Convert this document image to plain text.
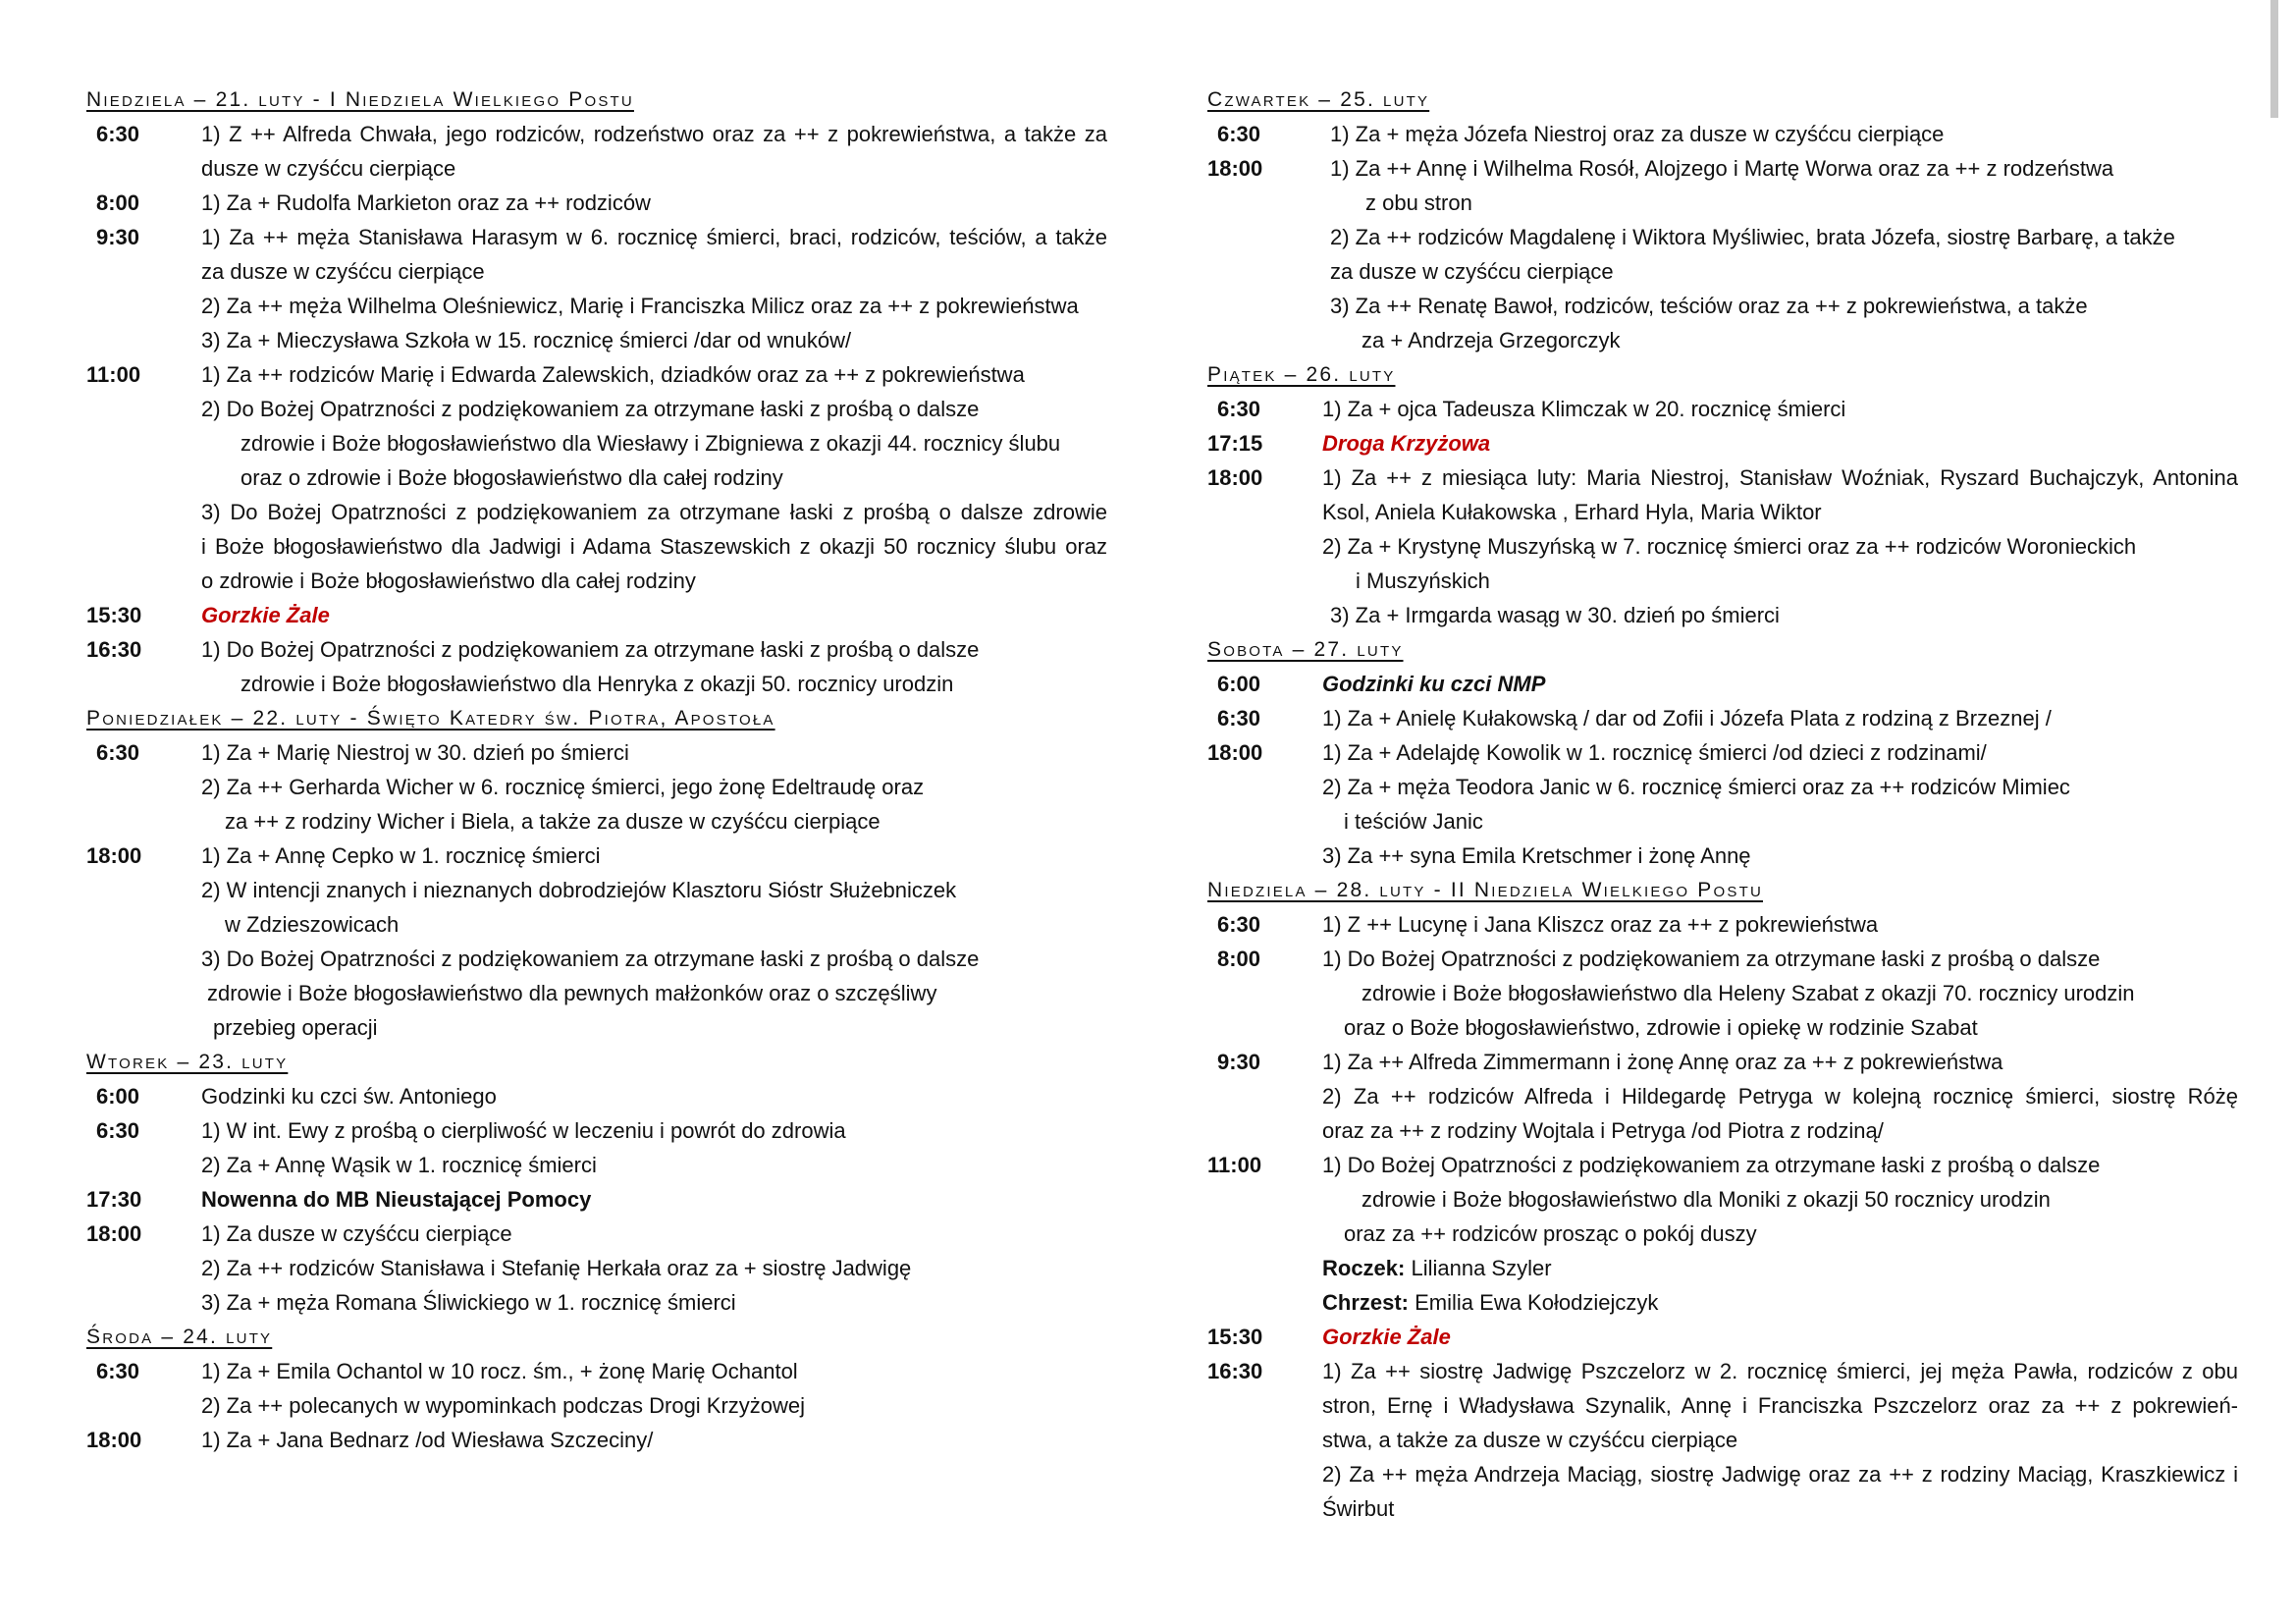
Niedziela – 21. luty - I Niedziela Wielkiego Postu
6:30	1) Z ++ Alfreda Chwała, jego rodziców, rodzeństwo oraz za ++ z pokrewieństwa, a także za
dusze w czyśćcu cierpiące
8:00	1) Za + Rudolfa Markieton oraz za ++ rodziców
9:30	1) Za ++ męża Stanisława Harasym w 6. rocznicę śmierci, braci, rodziców, teściów, a także
za dusze w czyśćcu cierpiące
2) Za ++ męża Wilhelma Oleśniewicz, Marię i Franciszka Milicz oraz za ++ z pokrewieństwa
3) Za + Mieczysława Szkoła w 15. rocznicę śmierci /dar od wnuków/
11:00	1) Za ++ rodziców Marię i Edwarda Zalewskich, dziadków oraz za ++ z pokrewieństwa
2) Do Bożej Opatrzności z podziękowaniem za otrzymane łaski z prośbą o dalsze
zdrowie i Boże błogosławieństwo dla Wiesławy i Zbigniewa z okazji 44. rocznicy ślubu
oraz o zdrowie i Boże błogosławieństwo dla całej rodziny
3) Do Bożej Opatrzności z podziękowaniem za otrzymane łaski z prośbą o dalsze zdrowie
i Boże błogosławieństwo dla Jadwigi i Adama Staszewskich z okazji 50 rocznicy ślubu oraz
o zdrowie i Boże błogosławieństwo dla całej rodziny
15:30	Gorzkie Żale
16:30	1) Do Bożej Opatrzności z podziękowaniem za otrzymane łaski z prośbą o dalsze
zdrowie i Boże błogosławieństwo dla Henryka z okazji 50. rocznicy urodzin
Poniedziałek – 22. luty - Święto Katedry św. Piotra, Apostoła
6:30	1) Za + Marię Niestroj w 30. dzień po śmierci
2) Za ++ Gerharda Wicher w 6. rocznicę śmierci, jego żonę Edeltraudę oraz
za ++ z rodziny Wicher i Biela, a także za dusze w czyśćcu cierpiące
18:00	1) Za + Annę Cepko w 1. rocznicę śmierci
2) W intencji znanych i nieznanych dobrodziejów Klasztoru Sióstr Służebniczek
w Zdzieszowicach
3) Do Bożej Opatrzności z podziękowaniem za otrzymane łaski z prośbą o dalsze
zdrowie i Boże błogosławieństwo dla pewnych małżonków oraz o szczęśliwy
przebieg operacji
Wtorek – 23. luty
6:00	Godzinki ku czci św. Antoniego
6:30	1) W int. Ewy z prośbą o cierpliwość w leczeniu i powrót do zdrowia
2) Za + Annę Wąsik w 1. rocznicę śmierci
17:30	Nowenna do MB Nieustającej Pomocy
18:00	1) Za dusze w czyśćcu cierpiące
2) Za ++ rodziców Stanisława i Stefanię Herkała oraz za + siostrę Jadwigę
3) Za + męża Romana Śliwickiego w 1. rocznicę śmierci
Środa – 24. luty
6:30	1) Za + Emila Ochantol w 10 rocz. śm., + żonę Marię Ochantol
2) Za ++ polecanych w wypominkach podczas Drogi Krzyżowej
18:00	1) Za + Jana Bednarz /od Wiesława Szczeciny/
Czwartek – 25. luty
6:30	1) Za + męża Józefa Niestroj oraz za dusze w czyśćcu cierpiące
18:00	1) Za ++ Annę i Wilhelma Rosół, Alojzego i Martę Worwa oraz za ++ z rodzeństwa
z obu stron
2) Za ++ rodziców Magdalenę i Wiktora Myśliwiec, brata Józefa, siostrę Barbarę, a także
za dusze w czyśćcu cierpiące
3) Za ++ Renatę Bawoł, rodziców, teściów oraz za ++ z pokrewieństwa, a także
za + Andrzeja Grzegorczyk
Piątek – 26. luty
6:30	1) Za + ojca Tadeusza Klimczak w 20. rocznicę śmierci
17:15	Droga Krzyżowa
18:00	1) Za ++ z miesiąca luty: Maria Niestroj, Stanisław Woźniak, Ryszard Buchajczyk, Antonina
Ksol, Aniela Kułakowska , Erhard Hyla, Maria Wiktor
2) Za + Krystynę Muszyńską w 7. rocznicę śmierci oraz za ++ rodziców Woronieckich
i Muszyńskich
3) Za + Irmgarda wasąg w 30. dzień po śmierci
Sobota – 27. luty
6:00	Godzinki ku czci NMP
6:30	1) Za + Anielę Kułakowską / dar od Zofii i Józefa Plata z rodziną z Brzeznej /
18:00	1) Za + Adelajdę Kowolik w 1. rocznicę śmierci /od dzieci z rodzinami/
2) Za + męża Teodora Janic w 6. rocznicę śmierci oraz za ++ rodziców Mimiec
i teściów Janic
3) Za ++ syna Emila Kretschmer i żonę Annę
Niedziela – 28. luty - II Niedziela Wielkiego Postu
6:30	1) Z ++ Lucynę i Jana Kliszcz oraz za ++ z pokrewieństwa
8:00	1) Do Bożej Opatrzności z podziękowaniem za otrzymane łaski z prośbą o dalsze
zdrowie i Boże błogosławieństwo dla Heleny Szabat z okazji 70. rocznicy urodzin
oraz o Boże błogosławieństwo, zdrowie i opiekę w rodzinie Szabat
9:30	1) Za ++ Alfreda Zimmermann i żonę Annę oraz za ++ z pokrewieństwa
2) Za ++ rodziców Alfreda i Hildegardę Petryga w kolejną rocznicę śmierci, siostrę Różę
oraz za ++ z rodziny Wojtala i Petryga /od Piotra z rodziną/
11:00	1) Do Bożej Opatrzności z podziękowaniem za otrzymane łaski z prośbą o dalsze
zdrowie i Boże błogosławieństwo dla Moniki z okazji 50 rocznicy urodzin
oraz za ++ rodziców prosząc o pokój duszy
Roczek: Lilianna Szyler
Chrzest: Emilia Ewa Kołodziejczyk
15:30	Gorzkie Żale
16:30	1) Za ++ siostrę Jadwigę Pszczelorz w 2. rocznicę śmierci, jej męża Pawła, rodziców z obu
stron, Ernę i Władysława Szynalik, Annę i Franciszka Pszczelorz oraz za ++ z pokrewień-
stwa, a także za dusze w czyśćcu cierpiące
2) Za ++ męża Andrzeja Maciąg, siostrę Jadwigę oraz za ++ z rodziny Maciąg, Kraszkiewicz i
Świrbut
